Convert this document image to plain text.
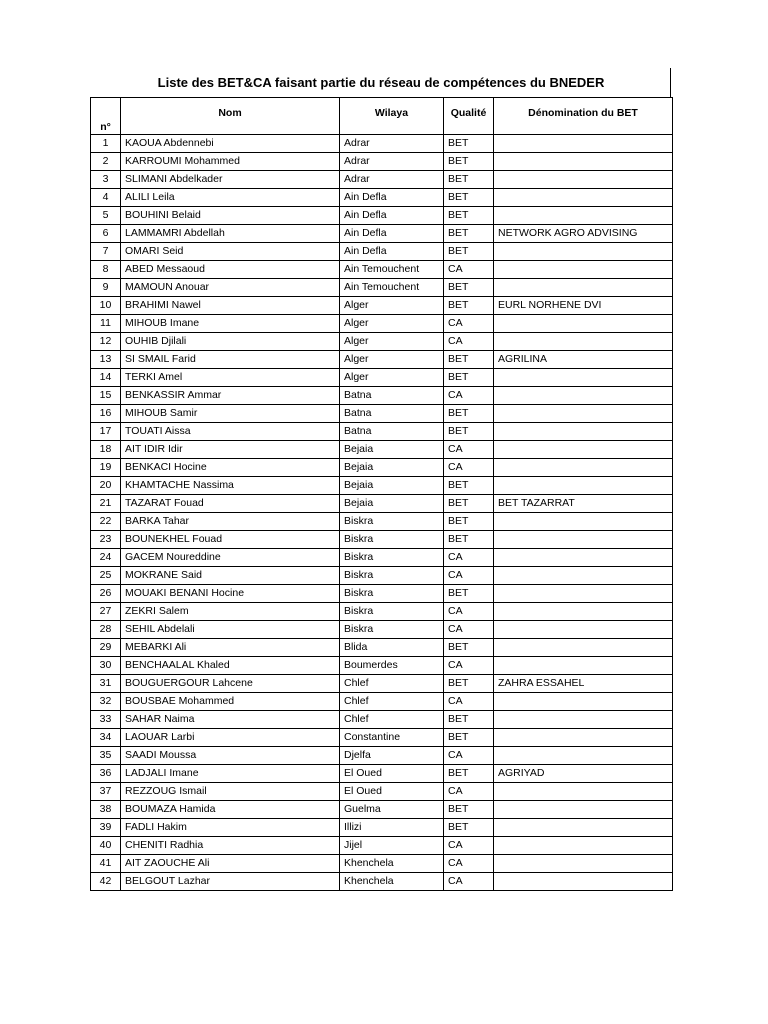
Liste des BET&CA faisant partie du réseau de compétences du BNEDER
n°	Nom	Wilaya	Qualité	Dénomination du BET
1	KAOUA Abdennebi	Adrar	BET	
2	KARROUMI Mohammed	Adrar	BET	
3	SLIMANI Abdelkader	Adrar	BET	
4	ALILI Leila	Ain Defla	BET	
5	BOUHINI Belaid	Ain Defla	BET	
6	LAMMAMRI Abdellah	Ain Defla	BET	NETWORK AGRO ADVISING
7	OMARI Seid	Ain Defla	BET	
8	ABED Messaoud	Ain Temouchent	CA	
9	MAMOUN Anouar	Ain Temouchent	BET	
10	BRAHIMI Nawel	Alger	BET	EURL NORHENE DVI
11	MIHOUB Imane	Alger	CA	
12	OUHIB Djilali	Alger	CA	
13	SI SMAIL Farid	Alger	BET	AGRILINA
14	TERKI Amel	Alger	BET	
15	BENKASSIR Ammar	Batna	CA	
16	MIHOUB Samir	Batna	BET	
17	TOUATI Aissa	Batna	BET	
18	AIT IDIR Idir	Bejaia	CA	
19	BENKACI Hocine	Bejaia	CA	
20	KHAMTACHE Nassima	Bejaia	BET	
21	TAZARAT Fouad	Bejaia	BET	BET TAZARRAT
22	BARKA Tahar	Biskra	BET	
23	BOUNEKHEL Fouad	Biskra	BET	
24	GACEM Noureddine	Biskra	CA	
25	MOKRANE Said	Biskra	CA	
26	MOUAKI BENANI Hocine	Biskra	BET	
27	ZEKRI Salem	Biskra	CA	
28	SEHIL Abdelali	Biskra	CA	
29	MEBARKI Ali	Blida	BET	
30	BENCHAALAL Khaled	Boumerdes	CA	
31	BOUGUERGOUR Lahcene	Chlef	BET	ZAHRA ESSAHEL
32	BOUSBAE Mohammed	Chlef	CA	
33	SAHAR Naima	Chlef	BET	
34	LAOUAR Larbi	Constantine	BET	
35	SAADI Moussa	Djelfa	CA	
36	LADJALI Imane	El Oued	BET	AGRIYAD
37	REZZOUG Ismail	El Oued	CA	
38	BOUMAZA Hamida	Guelma	BET	
39	FADLI Hakim	Illizi	BET	
40	CHENITI Radhia	Jijel	CA	
41	AIT ZAOUCHE Ali	Khenchela	CA	
42	BELGOUT Lazhar	Khenchela	CA	
